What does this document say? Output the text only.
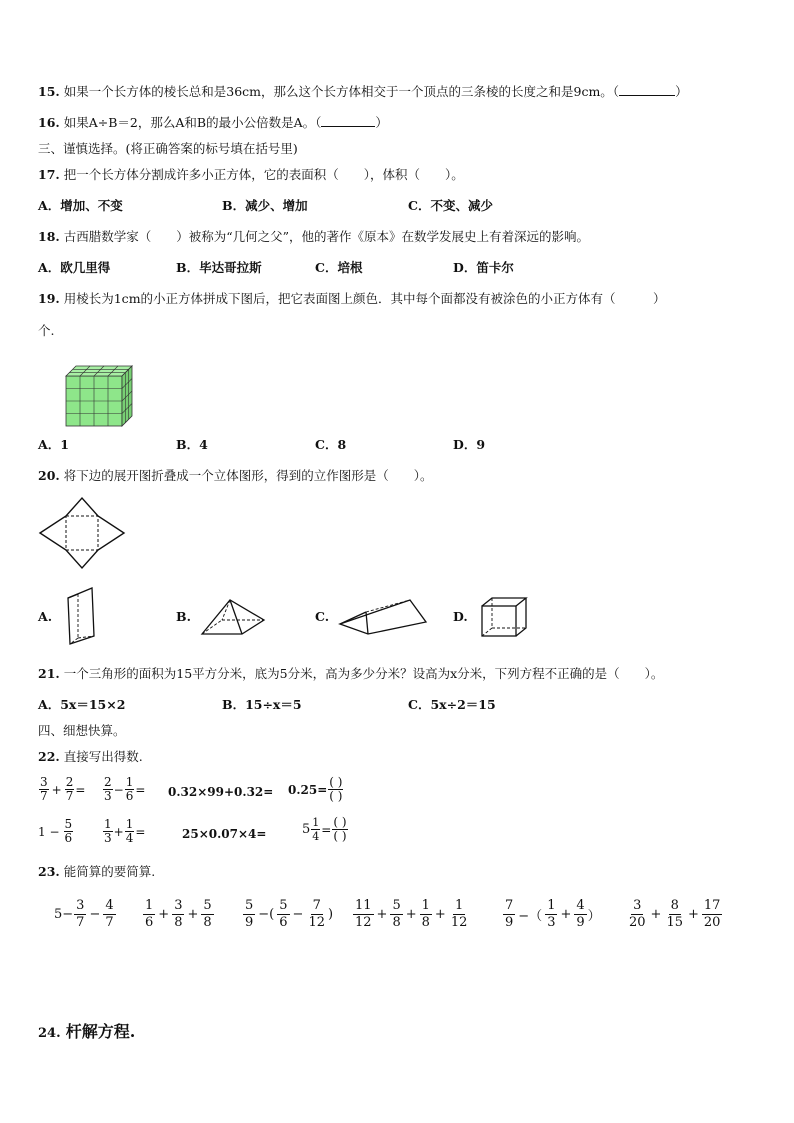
15. 如果一个长方体的棱长总和是36cm，那么这个长方体相交于一个顶点的三条棱的长度之和是9cm。（	）
16. 如果A÷B＝2，那么A和B的最小公倍数是A。（	）
三、谨慎选择。(将正确答案的标号填在括号里)
17. 把一个长方体分割成许多小正方体，它的表面积（　　），体积（　　）。
A．增加、不变	B．减少、增加	C．不变、减少
18. 古西腊数学家（　　）被称为“几何之父”，他的著作《原本》在数学发展史上有着深远的影响。
A．欧几里得	B．毕达哥拉斯	C．培根	D．笛卡尔
19. 用棱长为1cm的小正方体拼成下图后，把它表面图上颜色．其中每个面都没有被涂色的小正方体有（　　　）
个.
A．1	B．4	C．8	D．9
20. 将下边的展开图折叠成一个立体图形，得到的立作图形是（　　）。
A.	B.	C.	D.
21. 一个三角形的面积为15平方分米，底为5分米，高为多少分米？设高为x分米，下列方程不正确的是（　　）。
A．5x＝15×2	B．15÷x＝5	C．5x÷2＝15
四、细想快算。
22. 直接写出得数.
$\frac{3}{7} + \frac{2}{7} = \frac{2}{3} - \frac{1}{6} = 0.32\times 99+0.32= 0.25= \frac{( )}{( )}$
$1 - \frac{5}{6} \frac{1}{3} + \frac{1}{4}$ =	25×0.07×4=	$5 \frac{1}{4} = \frac{( )}{( )}$
23. 能简算的要简算.
$5- \frac{3}{7} - \frac{4}{7} \frac{1}{6} + \frac{3}{8} + \frac{5}{8} \frac{5}{9}$ −( $\frac{5}{6} - \frac{7}{12}$ ) $\frac{11}{12} + \frac{5}{8} + \frac{1}{8} + \frac{1}{12}$	$\frac{7}{9}$ −（ $\frac{1}{3} + \frac{4}{9}$ ） $\frac{3}{20} + \frac{8}{15} + \frac{17}{20}$
24. 杆解方程.
